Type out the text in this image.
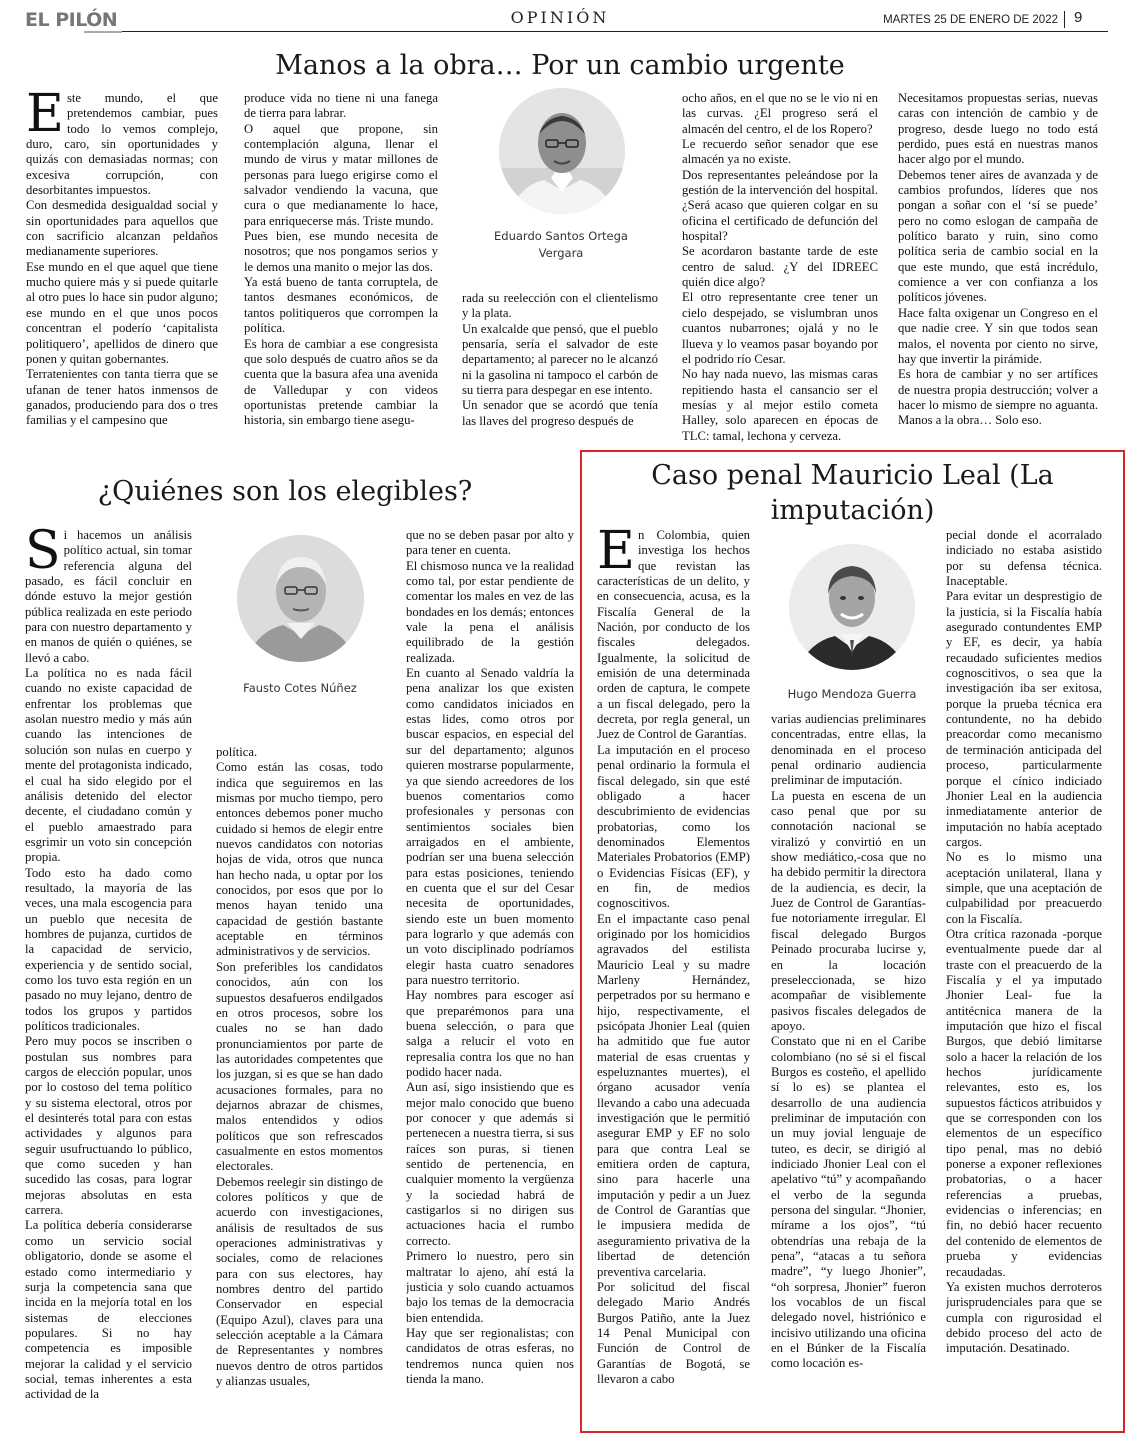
EL PILÓN	OPINIÓN	MARTES 25 DE ENERO DE 2022 9
Manos a la obra… Por un cambio urgente
Este mundo, el que pretendemos cambiar, pues todo lo vemos complejo, duro, caro, sin oportunidades y quizás con demasiadas normas; con excesiva corrupción, con desorbitantes impuestos.
Con desmedida desigualdad social y sin oportunidades para aquellos que con sacrificio alcanzan peldaños medianamente superiores.
Ese mundo en el que aquel que tiene mucho quiere más y si puede quitarle al otro pues lo hace sin pudor alguno; ese mundo en el que unos pocos concentran el poderío ‘capitalista politiquero’, apellidos de dinero que ponen y quitan gobernantes.
Terratenientes con tanta tierra que se ufanan de tener hatos inmensos de ganados, produciendo para dos o tres familias y el campesino que
produce vida no tiene ni una fanega de tierra para labrar.
O aquel que propone, sin contemplación alguna, llenar el mundo de virus y matar millones de personas para luego erigirse como el salvador vendiendo la vacuna, que cura o que medianamente lo hace, para enriquecerse más. Triste mundo.
Pues bien, ese mundo necesita de nosotros; que nos pongamos serios y le demos una manito o mejor las dos.
Ya está bueno de tanta corruptela, de tantos desmanes económicos, de tantos politiqueros que corrompen la política.
Es hora de cambiar a ese congresista que solo después de cuatro años se da cuenta que la basura afea una avenida de Valledupar y con videos oportunistas pretende cambiar la historia, sin embargo tiene asegu-
Eduardo Santos Ortega Vergara
rada su reelección con el clientelismo y la plata.
Un exalcalde que pensó, que el pueblo pensaría, sería el salvador de este departamento; al parecer no le alcanzó ni la gasolina ni tampoco el carbón de su tierra para despegar en ese intento.
Un senador que se acordó que tenía las llaves del progreso después de
ocho años, en el que no se le vio ni en las curvas. ¿El progreso será el almacén del centro, el de los Ropero?
Le recuerdo señor senador que ese almacén ya no existe.
Dos representantes peleándose por la gestión de la intervención del hospital. ¿Será acaso que quieren colgar en su oficina el certificado de defunción del hospital?
Se acordaron bastante tarde de este centro de salud. ¿Y del IDREEC quién dice algo?
El otro representante cree tener un cielo despejado, se vislumbran unos cuantos nubarrones; ojalá y no le llueva y lo veamos pasar boyando por el podrido río Cesar.
No hay nada nuevo, las mismas caras repitiendo hasta el cansancio ser el mesías y al mejor estilo cometa Halley, solo aparecen en épocas de TLC: tamal, lechona y cerveza.
Necesitamos propuestas serias, nuevas caras con intención de cambio y de progreso, desde luego no todo está perdido, pues está en nuestras manos hacer algo por el mundo.
Debemos tener aires de avanzada y de cambios profundos, líderes que nos pongan a soñar con el ‘sí se puede’ pero no como eslogan de campaña de político barato y ruin, sino como política seria de cambio social en la que este mundo, que está incrédulo, comience a ver con confianza a los políticos jóvenes.
Hace falta oxigenar un Congreso en el que nadie cree. Y sin que todos sean malos, el noventa por ciento no sirve, hay que invertir la pirámide.
Es hora de cambiar y no ser artífices de nuestra propia destrucción; volver a hacer lo mismo de siempre no aguanta. Manos a la obra… Solo eso.
¿Quiénes son los elegibles?
Si hacemos un análisis político actual, sin tomar referencia alguna del pasado, es fácil concluir en dónde estuvo la mejor gestión pública realizada en este periodo para con nuestro departamento y en manos de quién o quiénes, se llevó a cabo.
La política no es nada fácil cuando no existe capacidad de enfrentar los problemas que asolan nuestro medio y más aún cuando las intenciones de solución son nulas en cuerpo y mente del protagonista indicado, el cual ha sido elegido por el análisis detenido del elector decente, el ciudadano común y el pueblo amaestrado para esgrimir un voto sin concepción propia.
Todo esto ha dado como resultado, la mayoría de las veces, una mala escogencia para un pueblo que necesita de hombres de pujanza, curtidos de la capacidad de servicio, experiencia y de sentido social, como los tuvo esta región en un pasado no muy lejano, dentro de todos los grupos y partidos políticos tradicionales.
Pero muy pocos se inscriben o postulan sus nombres para cargos de elección popular, unos por lo costoso del tema político y su sistema electoral, otros por el desinterés total para con estas actividades y algunos para seguir usufructuando lo público, que como suceden y han sucedido las cosas, para lograr mejoras absolutas en esta carrera.
La política debería considerarse como un servicio social obligatorio, donde se asome el estado como intermediario y surja la competencia sana que incida en la mejoría total en los sistemas de elecciones populares. Si no hay competencia es imposible mejorar la calidad y el servicio social, temas inherentes a esta actividad de la
Fausto Cotes Núñez
política.
Como están las cosas, todo indica que seguiremos en las mismas por mucho tiempo, pero entonces debemos poner mucho cuidado si hemos de elegir entre nuevos candidatos con notorias hojas de vida, otros que nunca han hecho nada, u optar por los conocidos, por esos que por lo menos hayan tenido una capacidad de gestión bastante aceptable en términos administrativos y de servicios.
Son preferibles los candidatos conocidos, aún con los supuestos desafueros endilgados en otros procesos, sobre los cuales no se han dado pronunciamientos por parte de las autoridades competentes que los juzgan, si es que se han dado acusaciones formales, para no dejarnos abrazar de chismes, malos entendidos y odios políticos que son refrescados casualmente en estos momentos electorales.
Debemos reelegir sin distingo de colores políticos y que de acuerdo con investigaciones, análisis de resultados de sus operaciones administrativas y sociales, como de relaciones para con sus electores, hay nombres dentro del partido Conservador en especial (Equipo Azul), claves para una selección aceptable a la Cámara de Representantes y nombres nuevos dentro de otros partidos y alianzas usuales,
que no se deben pasar por alto y para tener en cuenta.
El chismoso nunca ve la realidad como tal, por estar pendiente de comentar los males en vez de las bondades en los demás; entonces vale la pena el análisis equilibrado de la gestión realizada.
En cuanto al Senado valdría la pena analizar los que existen como candidatos iniciados en estas lides, como otros por buscar espacios, en especial del sur del departamento; algunos quieren mostrarse popularmente, ya que siendo acreedores de los buenos comentarios como profesionales y personas con sentimientos sociales bien arraigados en el ambiente, podrían ser una buena selección para estas posiciones, teniendo en cuenta que el sur del Cesar necesita de oportunidades, siendo este un buen momento para lograrlo y que además con un voto disciplinado podríamos elegir hasta cuatro senadores para nuestro territorio.
Hay nombres para escoger así que preparémonos para una buena selección, o para que salga a relucir el voto en represalia contra los que no han podido hacer nada.
Aun así, sigo insistiendo que es mejor malo conocido que bueno por conocer y que además si pertenecen a nuestra tierra, si sus raíces son puras, si tienen sentido de pertenencia, en cualquier momento la vergüenza y la sociedad habrá de castigarlos si no dirigen sus actuaciones hacia el rumbo correcto.
Primero lo nuestro, pero sin maltratar lo ajeno, ahí está la justicia y solo cuando actuamos bajo los temas de la democracia bien entendida.
Hay que ser regionalistas; con candidatos de otras esferas, no tendremos nunca quien nos tienda la mano.
Caso penal Mauricio Leal (La imputación)
En Colombia, quien investiga los hechos que revistan las características de un delito, y en consecuencia, acusa, es la Fiscalía General de la Nación, por conducto de los fiscales delegados. Igualmente, la solicitud de emisión de una determinada orden de captura, le compete a un fiscal delegado, pero la decreta, por regla general, un Juez de Control de Garantías.
La imputación en el proceso penal ordinario la formula el fiscal delegado, sin que esté obligado a hacer descubrimiento de evidencias probatorias, como los denominados Elementos Materiales Probatorios (EMP) o Evidencias Físicas (EF), y en fin, de medios cognoscitivos.
En el impactante caso penal originado por los homicidios agravados del estilista Mauricio Leal y su madre Marleny Hernández, perpetrados por su hermano e hijo, respectivamente, el psicópata Jhonier Leal (quien ha admitido que fue autor material de esas cruentas y espeluznantes muertes), el órgano acusador venía llevando a cabo una adecuada investigación que le permitió asegurar EMP y EF no solo para que contra Leal se emitiera orden de captura, sino para hacerle una imputación y pedir a un Juez de Control de Garantías que le impusiera medida de aseguramiento privativa de la libertad de detención preventiva carcelaria.
Por solicitud del fiscal delegado Mario Andrés Burgos Patiño, ante la Juez 14 Penal Municipal con Función de Control de Garantías de Bogotá, se llevaron a cabo
Hugo Mendoza Guerra
varias audiencias preliminares concentradas, entre ellas, la denominada en el proceso penal ordinario audiencia preliminar de imputación.
La puesta en escena de un caso penal que por su connotación nacional se viralizó y convirtió en un show mediático,-cosa que no ha debido permitir la directora de la audiencia, es decir, la Juez de Control de Garantías- fue notoriamente irregular. El fiscal delegado Burgos Peinado procuraba lucirse y, en la locación preseleccionada, se hizo acompañar de visiblemente pasivos fiscales delegados de apoyo.
Constato que ni en el Caribe colombiano (no sé si el fiscal Burgos es costeño, el apellido sí lo es) se plantea el desarrollo de una audiencia preliminar de imputación con un muy jovial lenguaje de tuteo, es decir, se dirigió al indiciado Jhonier Leal con el apelativo “tú” y acompañando el verbo de la segunda persona del singular. “Jhonier, mírame a los ojos”, “tú obtendrías una rebaja de la pena”, “atacas a tu señora madre”, “y luego Jhonier”, “oh sorpresa, Jhonier” fueron los vocablos de un fiscal delegado novel, histriónico e incisivo utilizando una oficina en el Búnker de la Fiscalía como locación es-
pecial donde el acorralado indiciado no estaba asistido por su defensa técnica. Inaceptable.
Para evitar un desprestigio de la justicia, si la Fiscalía había asegurado contundentes EMP y EF, es decir, ya había recaudado suficientes medios cognoscitivos, o sea que la investigación iba ser exitosa, porque la prueba técnica era contundente, no ha debido preacordar como mecanismo de terminación anticipada del proceso, particularmente porque el cínico indiciado Jhonier Leal en la audiencia inmediatamente anterior de imputación no había aceptado cargos.
No es lo mismo una aceptación unilateral, llana y simple, que una aceptación de culpabilidad por preacuerdo con la Fiscalía.
Otra crítica razonada -porque eventualmente puede dar al traste con el preacuerdo de la Fiscalía y el ya imputado Jhonier Leal- fue la antitécnica manera de la imputación que hizo el fiscal Burgos, que debió limitarse solo a hacer la relación de los hechos jurídicamente relevantes, esto es, los supuestos fácticos atribuidos y que se corresponden con los elementos de un específico tipo penal, mas no debió ponerse a exponer reflexiones probatorias, o a hacer referencias a pruebas, evidencias o inferencias; en fin, no debió hacer recuento del contenido de elementos de prueba y evidencias recaudadas.
Ya existen muchos derroteros jurisprudenciales para que se cumpla con rigurosidad el debido proceso del acto de imputación. Desatinado.
